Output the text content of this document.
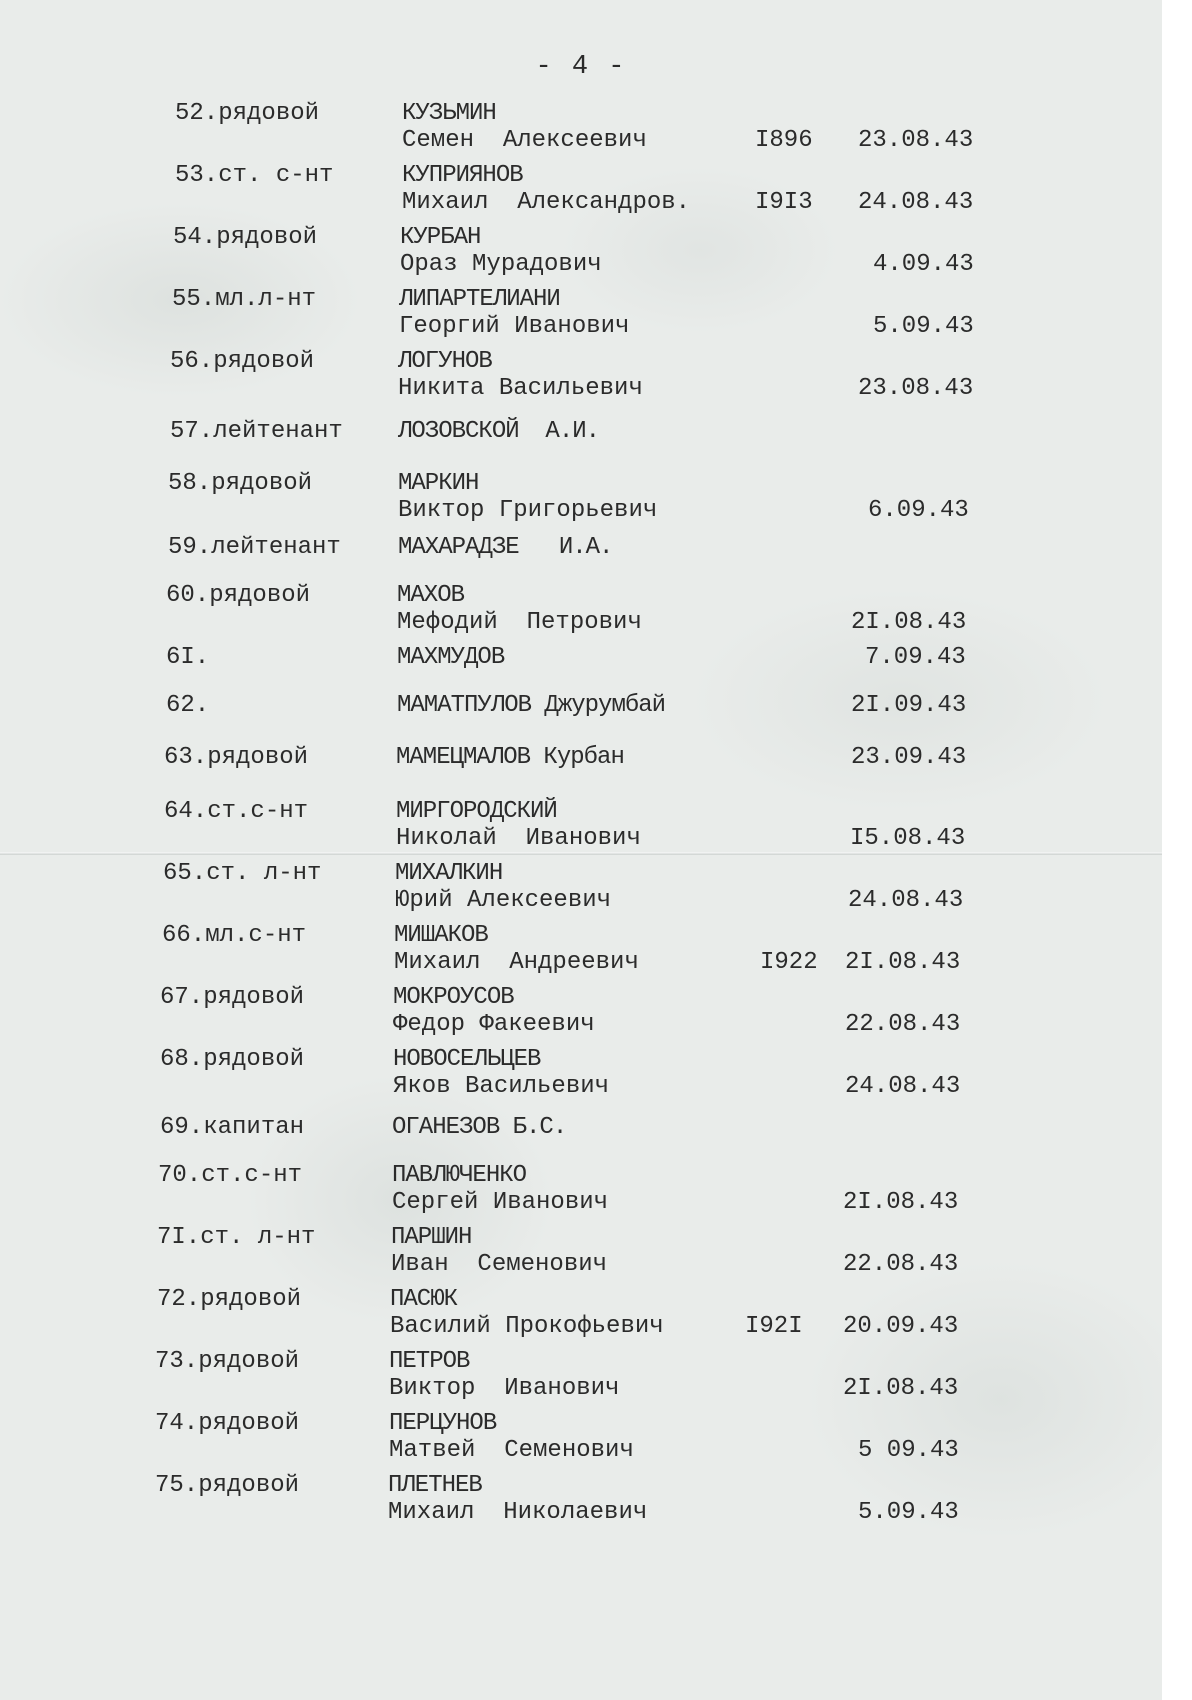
- 4 -
52.рядовой	КУЗЬМИН
Семен  Алексеевич	I896 23.08.43
53.ст. с-нт	КУПРИЯНОВ
Михаил  Александров.	I9I3 24.08.43
54.рядовой	КУРБАН
Ораз Мурадович	4.09.43
55.мл.л-нт	ЛИПАРТЕЛИАНИ
Георгий Иванович	5.09.43
56.рядовой	ЛОГУНОВ
Никита Васильевич	23.08.43
57.лейтенант ЛОЗОВСКОЙ  А.И.
58.рядовой	МАРКИН
Виктор Григорьевич	6.09.43
59.лейтенант МАХАРАДЗЕ   И.А.
60.рядовой	МАХОВ
Мефодий  Петрович	2I.08.43
6I.	МАХМУДОВ	7.09.43
62.	МАМАТПУЛОВ Джурумбай	2I.09.43
63.рядовой	МАМЕЦМАЛОВ Курбан	23.09.43
64.ст.с-нт	МИРГОРОДСКИЙ
Николай  Иванович	I5.08.43
65.ст. л-нт	МИХАЛКИН
Юрий Алексеевич	24.08.43
66.мл.с-нт	МИШАКОВ
Михаил  Андреевич	I922 2I.08.43
67.рядовой	МОКРОУСОВ
Федор Факеевич	22.08.43
68.рядовой	НОВОСЕЛЬЦЕВ
Яков Васильевич	24.08.43
69.капитан	ОГАНЕЗОВ Б.С.
70.ст.с-нт	ПАВЛЮЧЕНКО
Сергей Иванович	2I.08.43
7I.ст. л-нт	ПАРШИН
Иван  Семенович	22.08.43
72.рядовой	ПАСЮК
Василий Прокофьевич	I92I 20.09.43
73.рядовой	ПЕТРОВ
Виктор  Иванович	2I.08.43
74.рядовой	ПЕРЦУНОВ
Матвей  Семенович	5 09.43
75.рядовой	ПЛЕТНЕВ
Михаил  Николаевич	5.09.43
